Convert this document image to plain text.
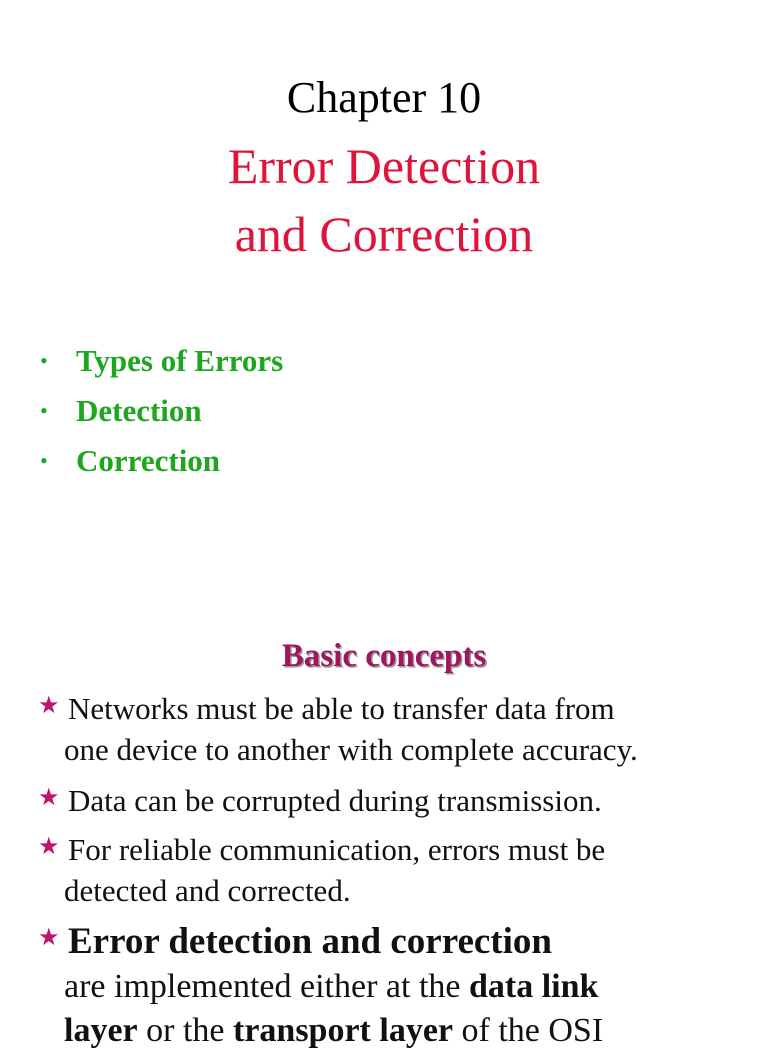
Chapter 10
Error Detection
and Correction
• Types of Errors
• Detection
• Correction
Basic concepts
★ Networks must be able to transfer data from
one device to another with complete accuracy.
★ Data can be corrupted during transmission.
★ For reliable communication, errors must be
detected and corrected.
★ Error detection and correction
are implemented either at the data link
layer or the transport layer of the OSI
